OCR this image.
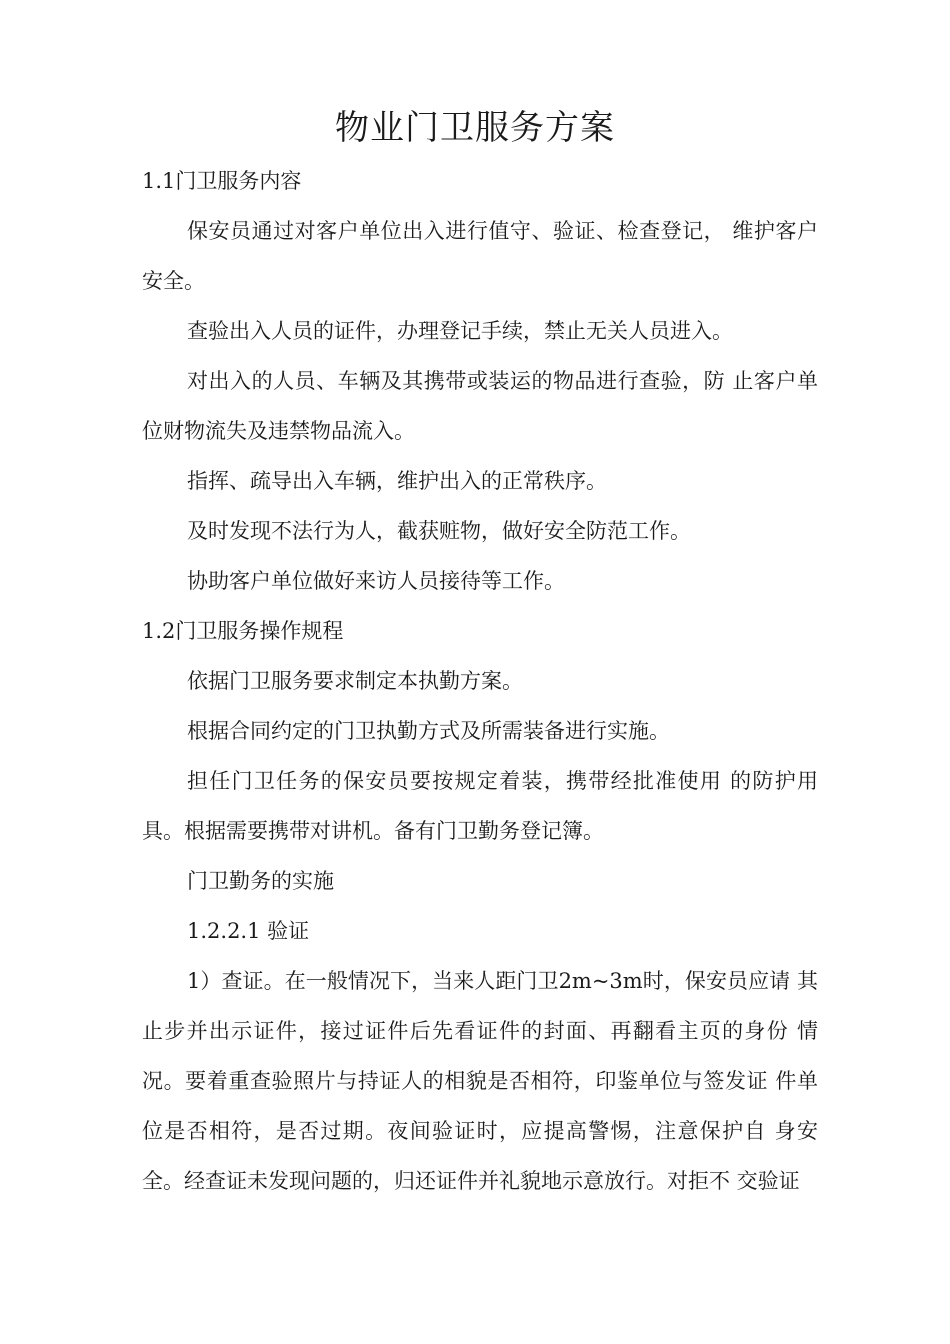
物业门卫服务方案

1.1门卫服务内容

保安员通过对客户单位出入进行值守、验证、检查登记， 维护客户安全。

查验出入人员的证件，办理登记手续，禁止无关人员进入。

对出入的人员、车辆及其携带或装运的物品进行查验，防 止客户单位财物流失及违禁物品流入。

指挥、疏导出入车辆，维护出入的正常秩序。

及时发现不法行为人，截获赃物，做好安全防范工作。

协助客户单位做好来访人员接待等工作。

1.2门卫服务操作规程

依据门卫服务要求制定本执勤方案。

根据合同约定的门卫执勤方式及所需装备进行实施。

担任门卫任务的保安员要按规定着装，携带经批准使用 的防护用具。根据需要携带对讲机。备有门卫勤务登记簿。

门卫勤务的实施

1.2.2.1 验证

1）查证。在一般情况下，当来人距门卫2m~3m时，保安员应请 其止步并出示证件，接过证件后先看证件的封面、再翻看主页的身份 情况。要着重查验照片与持证人的相貌是否相符，印鉴单位与签发证 件单位是否相符，是否过期。夜间验证时，应提高警惕，注意保护自 身安全。经查证未发现问题的，归还证件并礼貌地示意放行。对拒不 交验证
